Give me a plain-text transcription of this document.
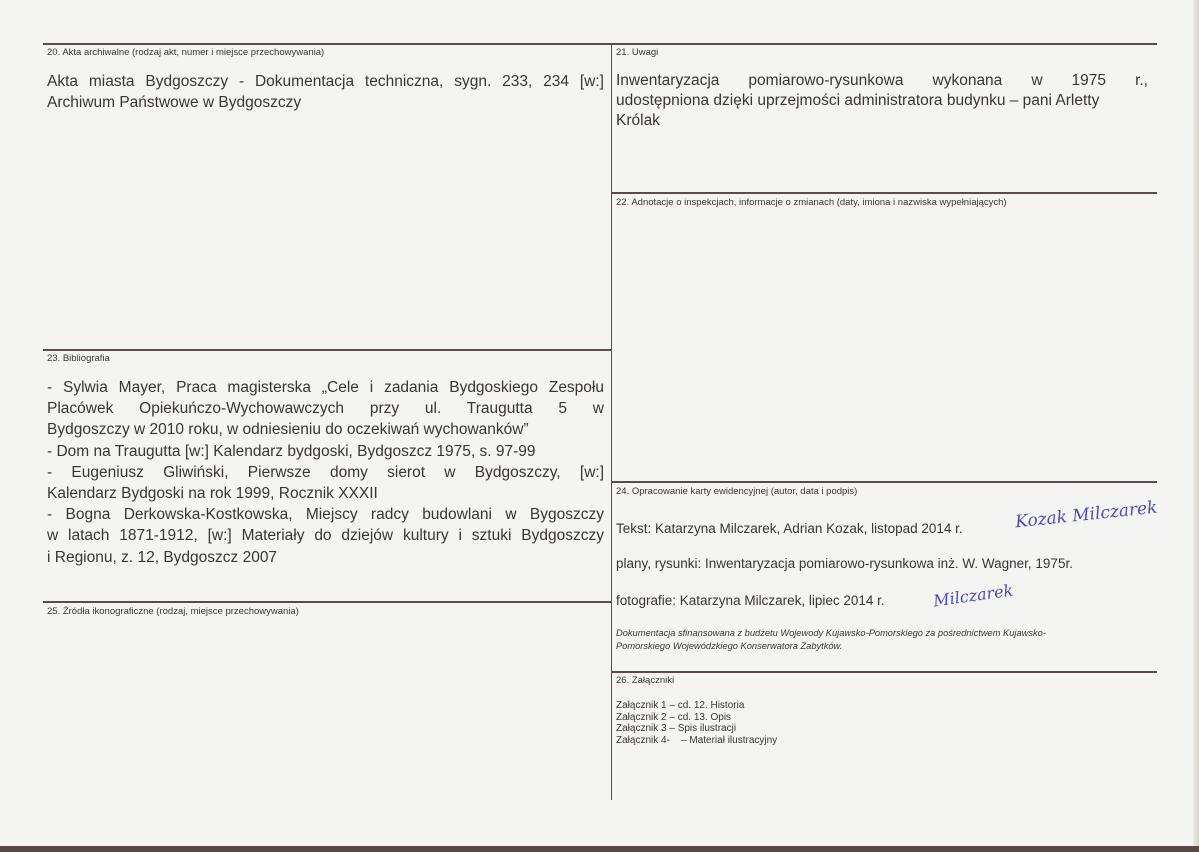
20. Akta archiwalne (rodzaj akt, numer i miejsce przechowywania)
Akta miasta Bydgoszczy - Dokumentacja techniczna, sygn. 233, 234 [w:]
Archiwum Państwowe w Bydgoszczy
21. Uwagi
Inwentaryzacja pomiarowo-rysunkowa wykonana w 1975 r.,
udostępniona dzięki uprzejmości administratora budynku – pani Arletty
Królak
22. Adnotacje o inspekcjach, informacje o zmianach (daty, imiona i nazwiska wypełniających)
23. Bibliografia
- Sylwia Mayer, Praca magisterska „Cele i zadania Bydgoskiego Zespołu
Placówek Opiekuńczo-Wychowawczych przy ul. Traugutta 5 w
Bydgoszczy w 2010 roku, w odniesieniu do oczekiwań wychowanków”
- Dom na Traugutta [w:] Kalendarz bydgoski, Bydgoszcz 1975, s. 97-99
- Eugeniusz Gliwiński, Pierwsze domy sierot w Bydgoszczy, [w:]
Kalendarz Bydgoski na rok 1999, Rocznik XXXII
- Bogna Derkowska-Kostkowska, Miejscy radcy budowlani w Bygoszczy
w latach 1871-1912, [w:] Materiały do dziejów kultury i sztuki Bydgoszczy
i Regionu, z. 12, Bydgoszcz 2007
24. Opracowanie karty ewidencyjnej (autor, data i podpis)
Tekst: Katarzyna Milczarek, Adrian Kozak, listopad 2014 r.	Kozak Milczarek
plany, rysunki: Inwentaryzacja pomiarowo-rysunkowa inż. W. Wagner, 1975r.
fotografie: Katarzyna Milczarek, lipiec 2014 r.	Milczarek
Dokumentacja sfinansowana z budżetu Wojewody Kujawsko-Pomorskiego za pośrednictwem Kujawsko-
Pomorskiego Wojewódzkiego Konserwatora Zabytków.
25. Źródła ikonograficzne (rodzaj, miejsce przechowywania)
26. Załączniki
Załącznik 1 – cd. 12. Historia
Załącznik 2 – cd. 13. Opis
Załącznik 3 – Spis ilustracji
Załącznik 4-    – Materiał ilustracyjny
